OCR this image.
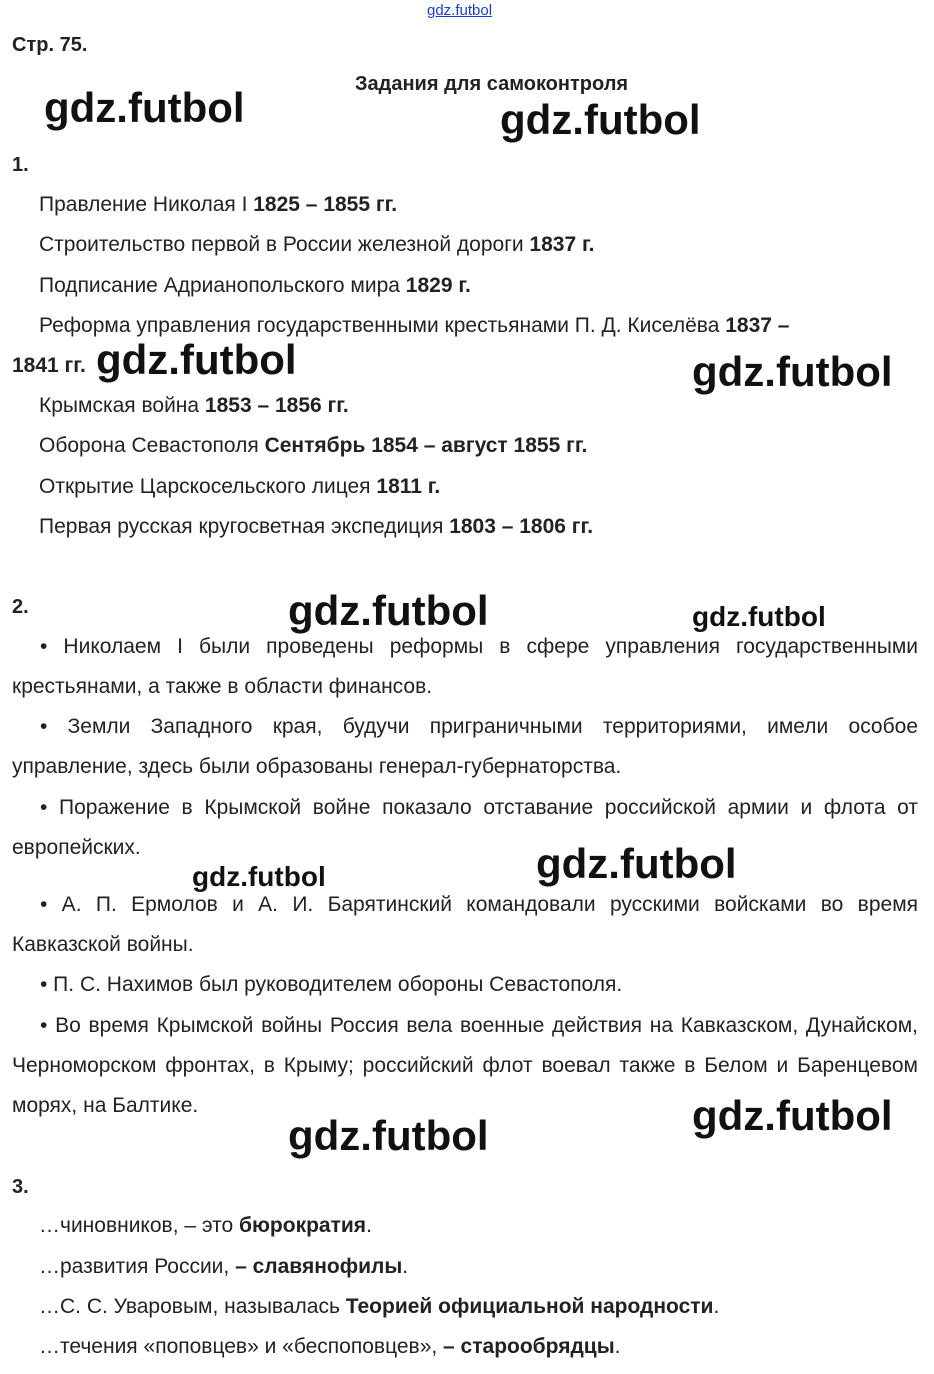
gdz.futbol
Стр. 75.
Задания для самоконтроля
1.
Правление Николая I 1825 – 1855 гг.
Строительство первой в России железной дороги 1837 г.
Подписание Адрианопольского мира 1829 г.
Реформа управления государственными крестьянами П. Д. Киселёва 1837 –
1841 гг.
Крымская война 1853 – 1856 гг.
Оборона Севастополя Сентябрь 1854 – август 1855 гг.
Открытие Царскосельского лицея 1811 г.
Первая русская кругосветная экспедиция 1803 – 1806 гг.
2.
• Николаем I были проведены реформы в сфере управления государственными крестьянами, а также в области финансов.
• Земли Западного края, будучи приграничными территориями, имели особое управление, здесь были образованы генерал-губернаторства.
• Поражение в Крымской войне показало отставание российской армии и флота от европейских.
• А. П. Ермолов и А. И. Барятинский командовали русскими войсками во время Кавказской войны.
• П. С. Нахимов был руководителем обороны Севастополя.
• Во время Крымской войны Россия вела военные действия на Кавказском, Дунайском, Черноморском фронтах, в Крыму; российский флот воевал также в Белом и Баренцевом морях, на Балтике.
3.
…чиновников, – это бюрократия.
…развития России, – славянофилы.
…С. С. Уваровым, называлась Теорией официальной народности.
…течения «поповцев» и «беспоповцев», – старообрядцы.
gdz.futbol	gdz.futbol
gdz.futbol	gdz.futbol
gdz.futbol	gdz.futbol
gdz.futbol
gdz.futbol
gdz.futbol
gdz.futbol
